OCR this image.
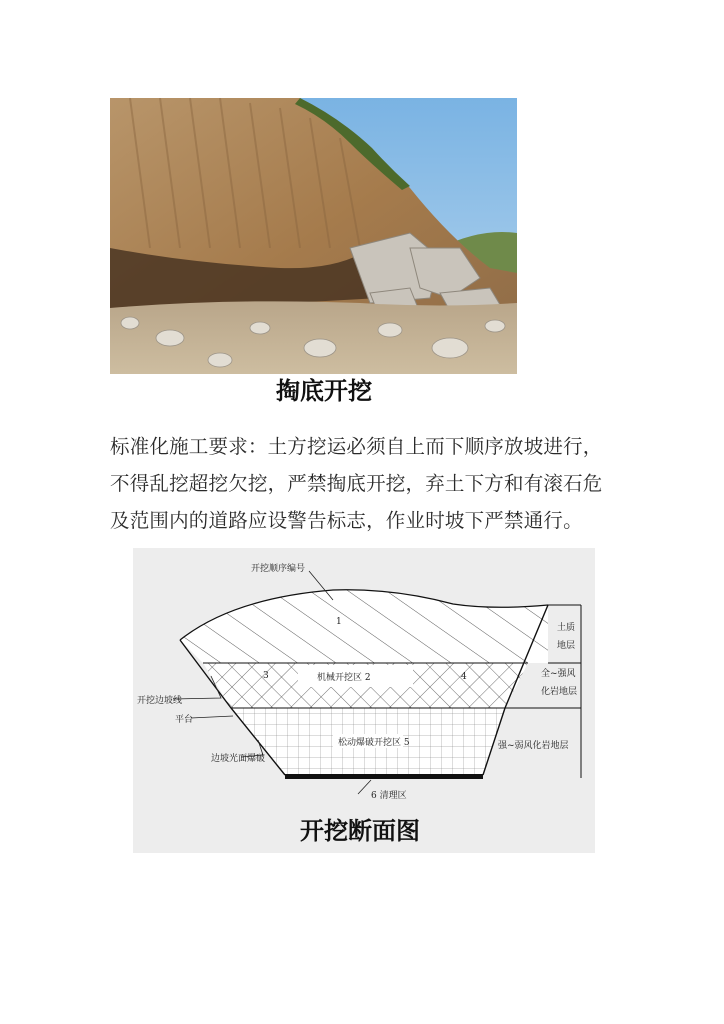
掏底开挖
标准化施工要求：土方挖运必须自上而下顺序放坡进行，
不得乱挖超挖欠挖，严禁掏底开挖，弃土下方和有滚石危
及范围内的道路应设警告标志，作业时坡下严禁通行。
开挖顺序编号
1
3	4
机械开挖区 2
松动爆破开挖区 5
6 清理区
开挖边坡线
平台
边坡光面爆破
土质
地层
全~强风
化岩地层
强~弱风化岩地层
开挖断面图
